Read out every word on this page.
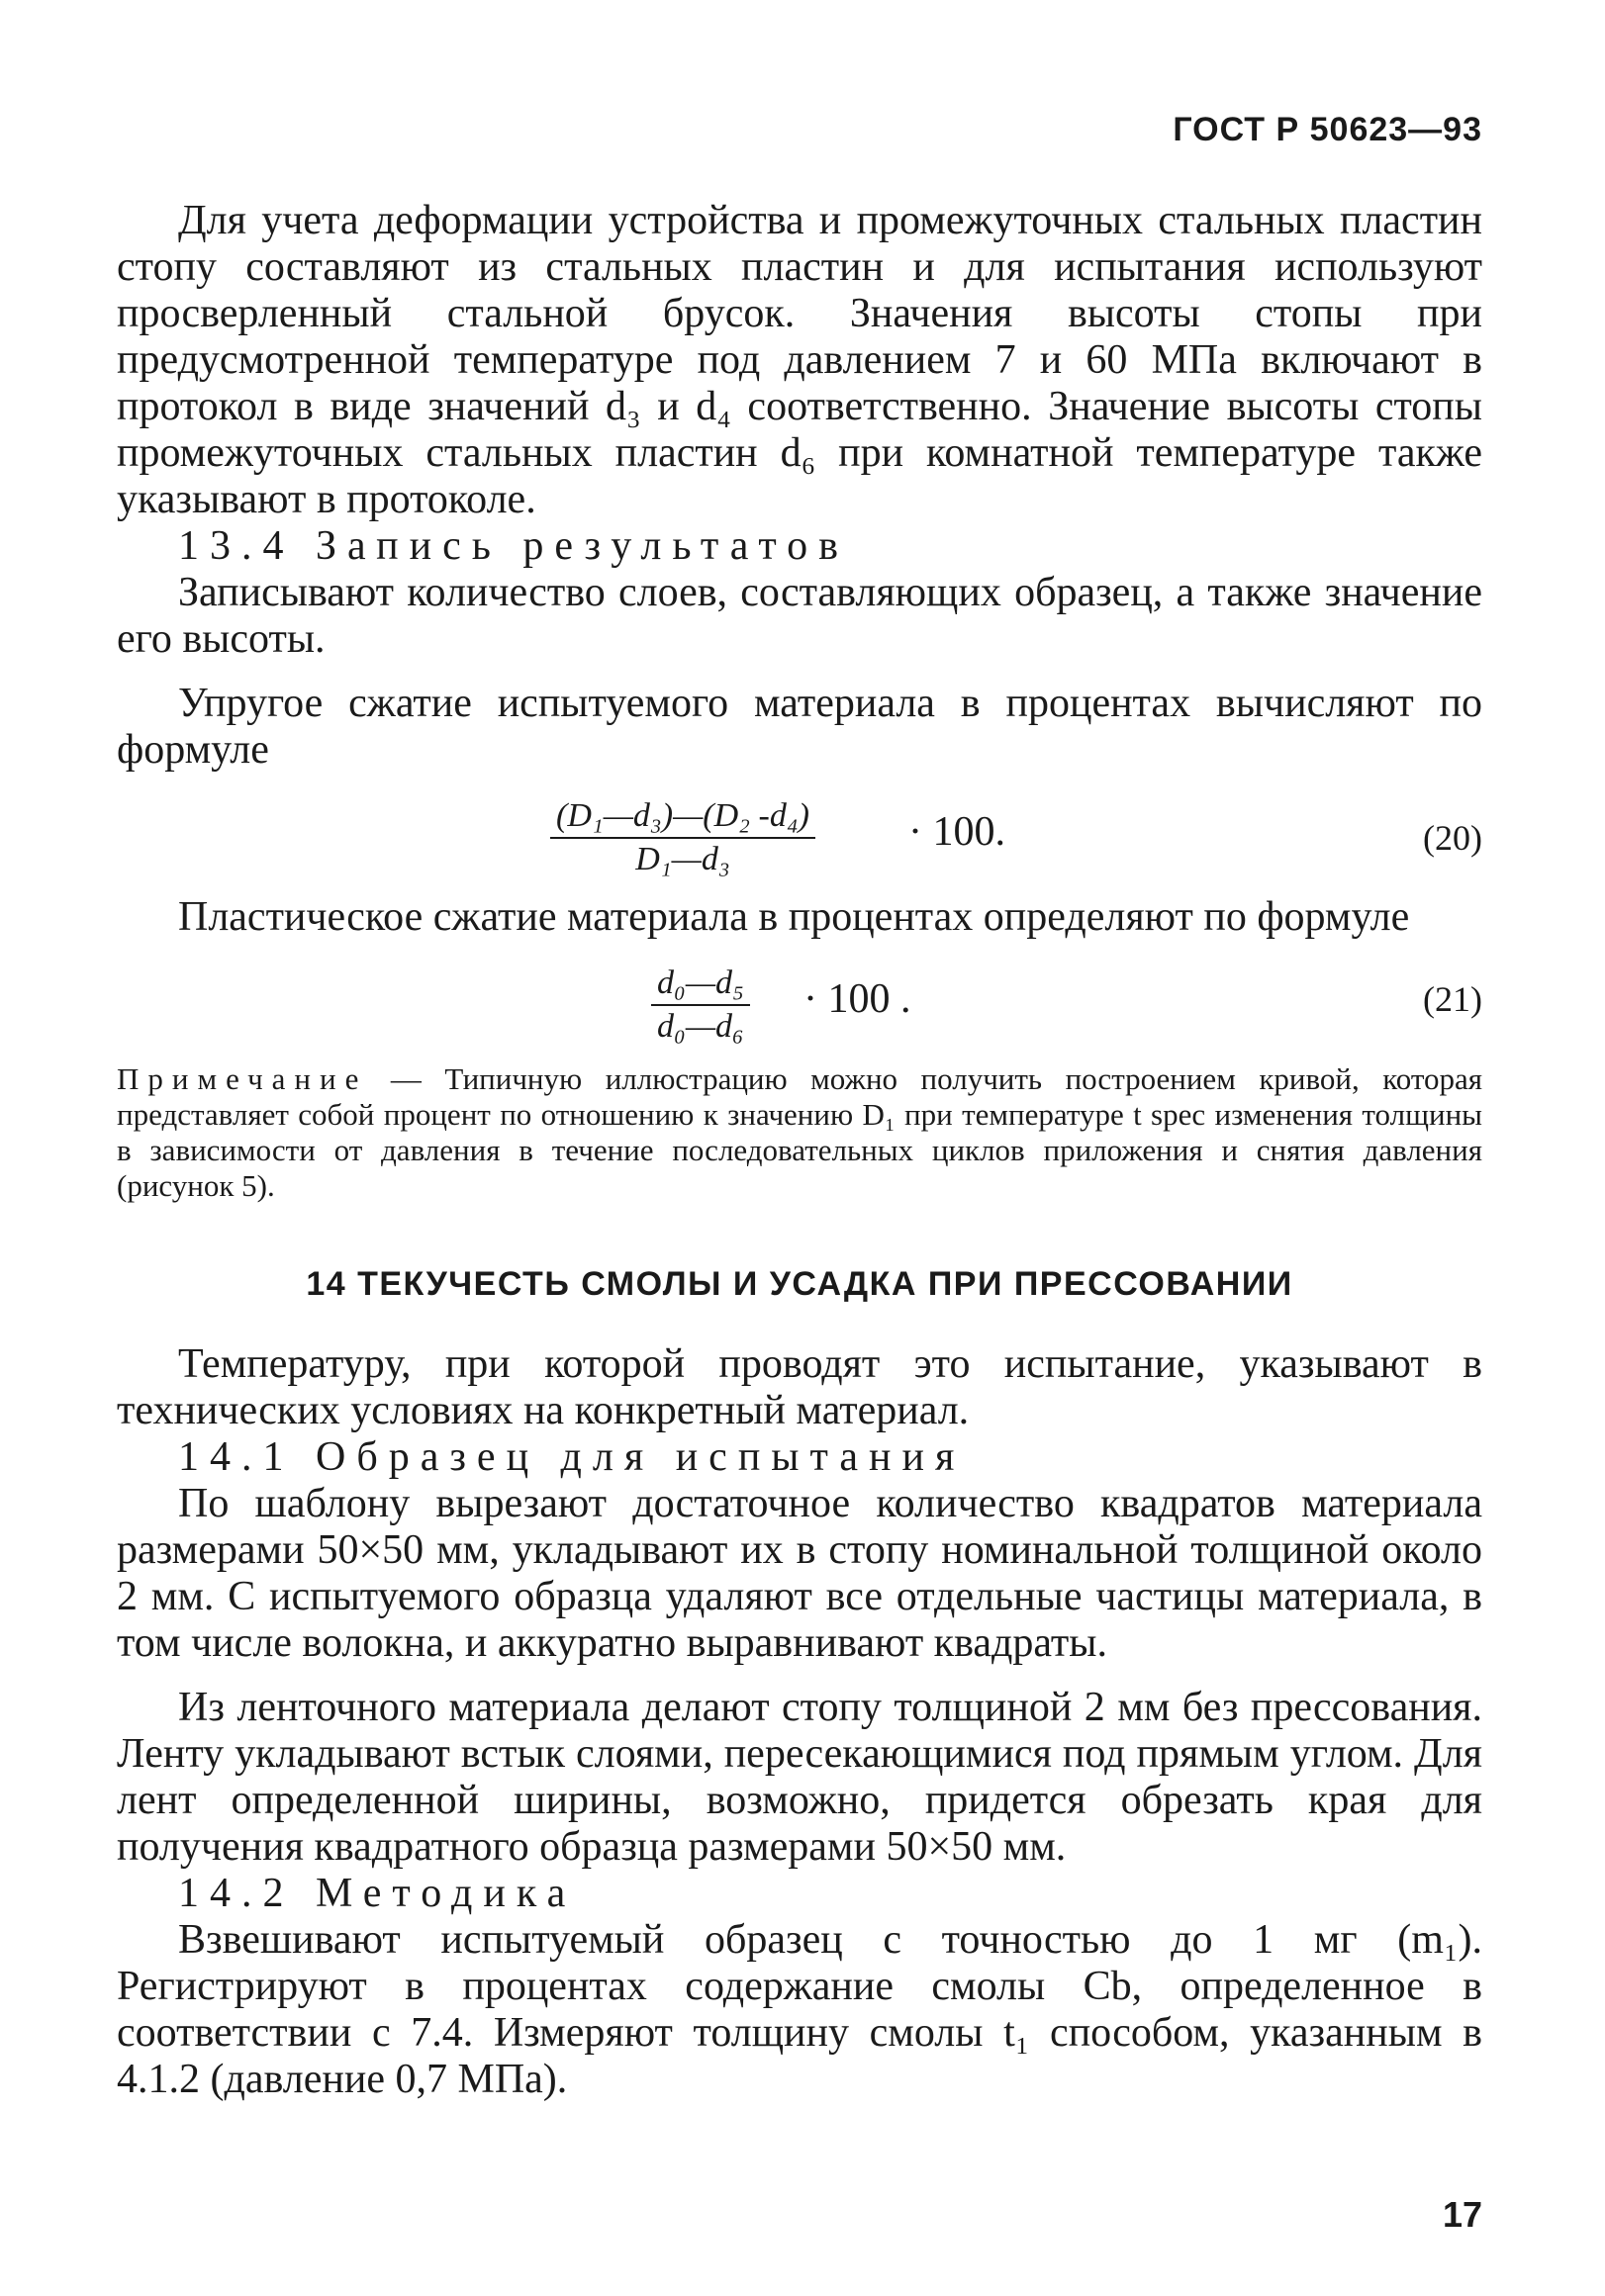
ГОСТ Р 50623—93

Для учета деформации устройства и промежуточных стальных пластин стопу составляют из стальных пластин и для испытания используют просверленный стальной брусок. Значения высоты стопы при предусмотренной температуре под давлением 7 и 60 МПа включают в протокол в виде значений d₃ и d₄ соответственно. Значение высоты стопы промежуточных стальных пластин d₆ при комнатной температуре также указывают в протоколе.

13.4 Запись результатов

Записывают количество слоев, составляющих образец, а также значение его высоты.

Упругое сжатие испытуемого материала в процентах вычисляют по формуле

$\frac{\text{(D₁—d₃)—(D₂ -d₄)}}{\text{D₁—d₃}} \cdot 100$.	(20)

Пластическое сжатие материала в процентах определяют по формуле

$\frac{\text{d₀—d₅}}{\text{d₀—d₆}} \cdot 100$ .	(21)
Примечание — Типичную иллюстрацию можно получить построением кривой, которая представляет собой процент по отношению к значению D₁ при температуре t spec изменения толщины в зависимости от давления в течение последовательных циклов приложения и снятия давления (рисунок 5).
14 ТЕКУЧЕСТЬ СМОЛЫ И УСАДКА ПРИ ПРЕССОВАНИИ

Температуру, при которой проводят это испытание, указывают в технических условиях на конкретный материал.

14.1 Образец для испытания

По шаблону вырезают достаточное количество квадратов материала размерами 50×50 мм, укладывают их в стопу номинальной толщиной около 2 мм. С испытуемого образца удаляют все отдельные частицы материала, в том числе волокна, и аккуратно выравнивают квадраты.

Из ленточного материала делают стопу толщиной 2 мм без прессования. Ленту укладывают встык слоями, пересекающимися под прямым углом. Для лент определенной ширины, возможно, придется обрезать края для получения квадратного образца размерами 50×50 мм.

14.2 Методика

Взвешивают испытуемый образец с точностью до 1 мг (m₁). Регистрируют в процентах содержание смолы Cb, определенное в соответствии с 7.4. Измеряют толщину смолы t₁ способом, указанным в 4.1.2 (давление 0,7 МПа).

17
